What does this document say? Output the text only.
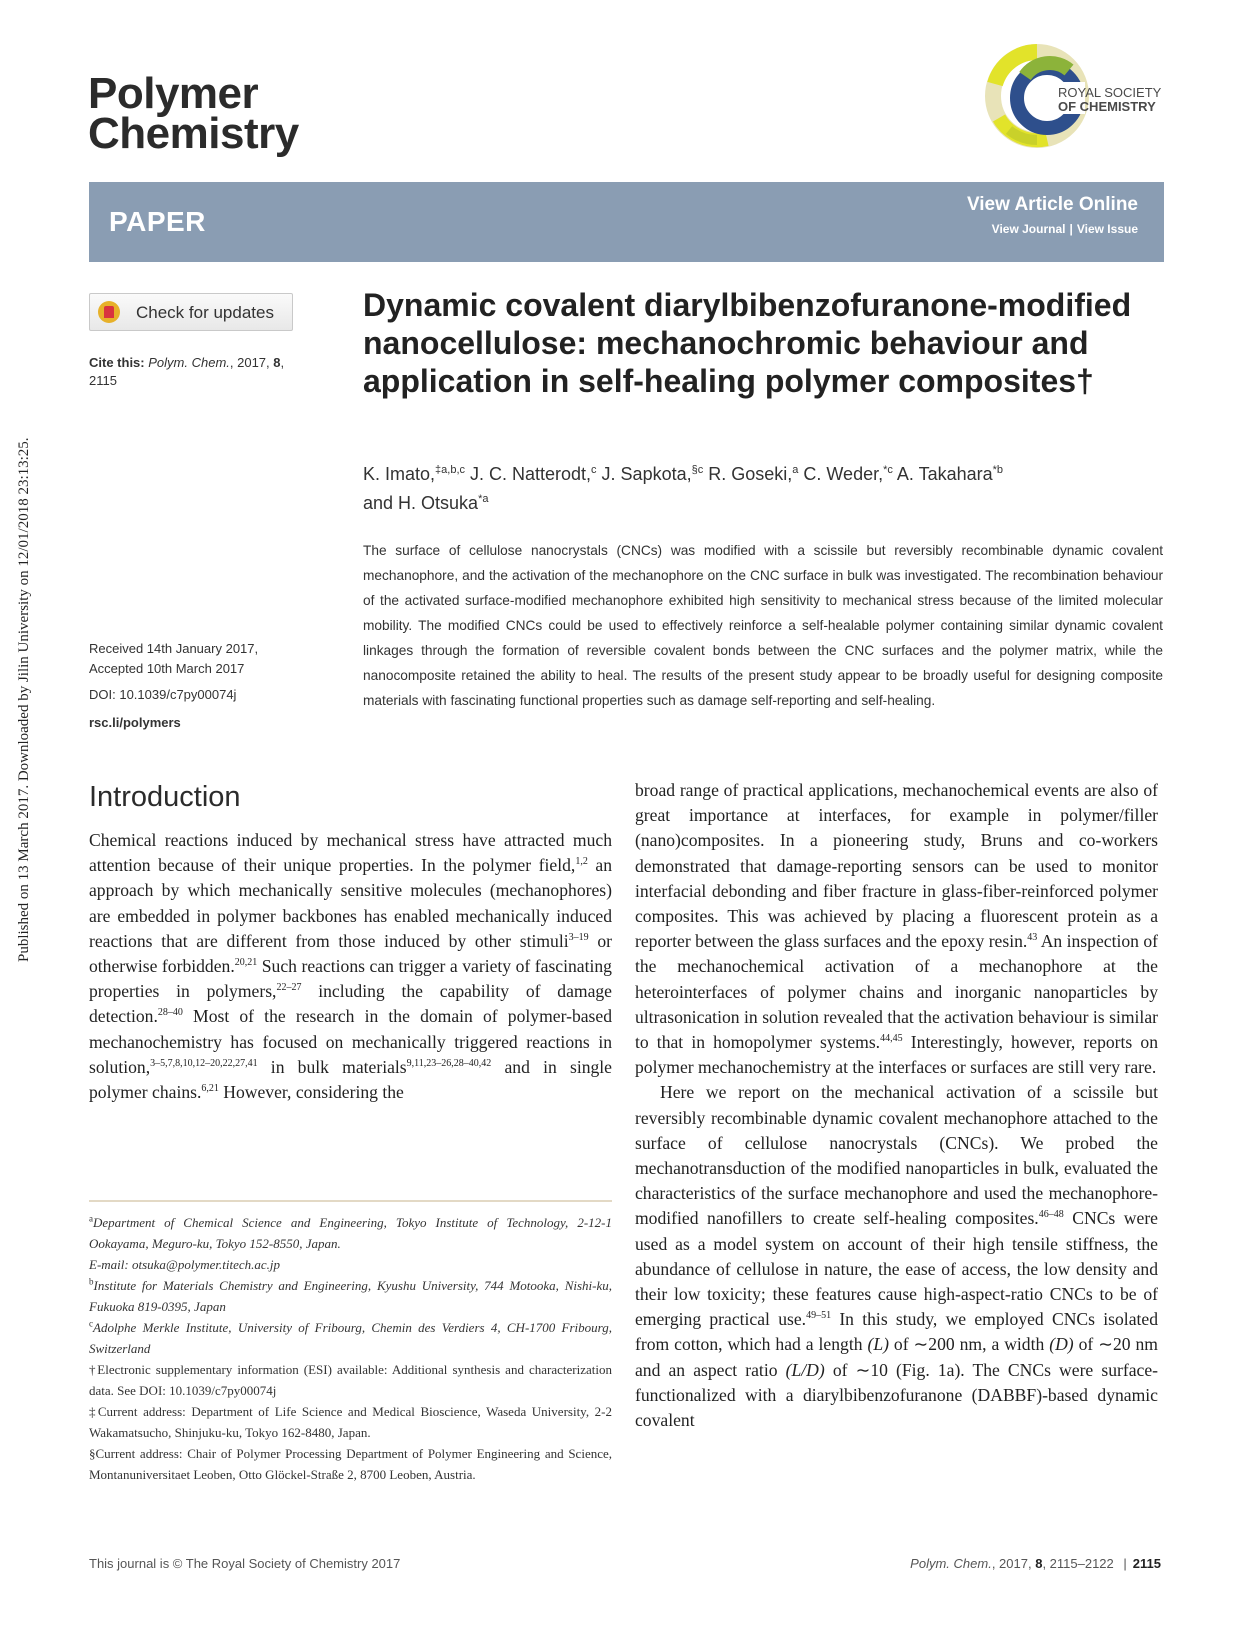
Published on 13 March 2017. Downloaded by Jilin University on 12/01/2018 23:13:25.
Polymer Chemistry
ROYAL SOCIETY
OF CHEMISTRY
PAPER
View Article Online
View Journal | View Issue
Check for updates
Cite this: Polym. Chem., 2017, 8,
2115
Received 14th January 2017,
Accepted 10th March 2017
DOI: 10.1039/c7py00074j
rsc.li/polymers
Dynamic covalent diarylbibenzofuranone-modified nanocellulose: mechanochromic behaviour and application in self-healing polymer composites†
K. Imato,$^{\ddagger a,b,c}$ J. C. Natterodt,$^c$ J. Sapkota,$^{\S c}$ R. Goseki,$^a$ C. Weder,$^{*c}$ A. Takahara$^{*b}$
and H. Otsuka$^{*a}$
The surface of cellulose nanocrystals (CNCs) was modified with a scissile but reversibly recombinable dynamic covalent mechanophore, and the activation of the mechanophore on the CNC surface in bulk was investigated. The recombination behaviour of the activated surface-modified mechanophore exhibited high sensitivity to mechanical stress because of the limited molecular mobility. The modified CNCs could be used to effectively reinforce a self-healable polymer containing similar dynamic covalent linkages through the formation of reversible covalent bonds between the CNC surfaces and the polymer matrix, while the nanocomposite retained the ability to heal. The results of the present study appear to be broadly useful for designing composite materials with fascinating functional properties such as damage self-reporting and self-healing.
Introduction

Chemical reactions induced by mechanical stress have attracted much attention because of their unique properties. In the polymer field,$^{1,2}$ an approach by which mechanically sensitive molecules (mechanophores) are embedded in polymer backbones has enabled mechanically induced reactions that are different from those induced by other stimuli$^{3-19}$ or otherwise forbidden.$^{20,21}$ Such reactions can trigger a variety of fascinating properties in polymers,$^{22-27}$ including the capability of damage detection.$^{28-40}$ Most of the research in the domain of polymer-based mechanochemistry has focused on mechanically triggered reactions in solution,$^{3-5,7,8,10,12-20,22,27,41}$ in bulk materials$^{9,11,23-26,28-40,42}$ and in single polymer chains.$^{6,21}$ However, considering the

broad range of practical applications, mechanochemical events are also of great importance at interfaces, for example in polymer/filler (nano)composites. In a pioneering study, Bruns and co-workers demonstrated that damage-reporting sensors can be used to monitor interfacial debonding and fiber fracture in glass-fiber-reinforced polymer composites. This was achieved by placing a fluorescent protein as a reporter between the glass surfaces and the epoxy resin.$^{43}$ An inspection of the mechanochemical activation of a mechanophore at the heterointerfaces of polymer chains and inorganic nanoparticles by ultrasonication in solution revealed that the activation behaviour is similar to that in homopolymer systems.$^{44,45}$ Interestingly, however, reports on polymer mechanochemistry at the interfaces or surfaces are still very rare.

Here we report on the mechanical activation of a scissile but reversibly recombinable dynamic covalent mechanophore attached to the surface of cellulose nanocrystals (CNCs). We probed the mechanotransduction of the modified nanoparticles in bulk, evaluated the characteristics of the surface mechanophore and used the mechanophore-modified nanofillers to create self-healing composites.$^{46-48}$ CNCs were used as a model system on account of their high tensile stiffness, the abundance of cellulose in nature, the ease of access, the low density and their low toxicity; these features cause high-aspect-ratio CNCs to be of emerging practical use.$^{49-51}$ In this study, we employed CNCs isolated from cotton, which had a length (L) of ∼200 nm, a width (D) of ∼20 nm and an aspect ratio (L/D) of ∼10 (Fig. 1a). The CNCs were surface-functionalized with a diarylbibenzofuranone (DABBF)-based dynamic covalent

$^a$Department of Chemical Science and Engineering, Tokyo Institute of Technology, 2-12-1 Ookayama, Meguro-ku, Tokyo 152-8550, Japan.

E-mail: otsuka@polymer.titech.ac.jp

$^b$Institute for Materials Chemistry and Engineering, Kyushu University, 744 Motooka, Nishi-ku, Fukuoka 819-0395, Japan

$^c$Adolphe Merkle Institute, University of Fribourg, Chemin des Verdiers 4, CH-1700 Fribourg, Switzerland

†Electronic supplementary information (ESI) available: Additional synthesis and characterization data. See DOI: 10.1039/c7py00074j

‡Current address: Department of Life Science and Medical Bioscience, Waseda University, 2-2 Wakamatsucho, Shinjuku-ku, Tokyo 162-8480, Japan.

§Current address: Chair of Polymer Processing Department of Polymer Engineering and Science, Montanuniversitaet Leoben, Otto Glöckel-Straße 2, 8700 Leoben, Austria.

This journal is © The Royal Society of Chemistry 2017	Polym. Chem., 2017, 8, 2115–2122 | 2115
